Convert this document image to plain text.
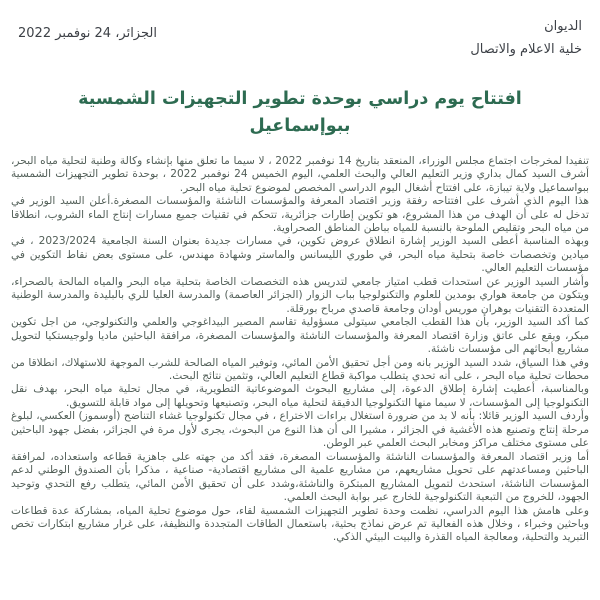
الديوان
خلية الاعلام والاتصال
الجزائر، 24 نوفمبر 2022
افتتاح يوم دراسي بوحدة تطوير التجهيزات الشمسية
ببوإسماعيل

تنفيدا لمخرجات اجتماع مجلس الوزراء، المنعقد بتاريخ 14 نوفمبر 2022 ، لا سيما ما تعلق منها بإنشاء وكالة وطنية لتحلية مياه البحر، أشرف السيد كمال بداري وزير التعليم العالي والبحث العلمي، اليوم الخميس 24 نوفمبر 2022 ، بوحدة تطوير التجهيزات الشمسية ببواسماعيل ولاية تيبازة، على افتتاح أشغال اليوم الدراسي المخصص لموضوع تحلية مياه البحر.

هذا اليوم الذي أشرف على افتتاحه رفقة وزير اقتصاد المعرفة والمؤسسات الناشئة والمؤسسات المصغرة.أعلن السيد الوزير في تدخل له على أن الهدف من هذا المشروع، هو تكوين إطارات جزائرية، تتحكم في تقنيات جميع مسارات إنتاج الماء الشروب، انطلاقا من مياه البحر وتقليص الملوحة بالنسبة للمياه بباطن المناطق الصحراوية.

وبهذه المناسبة أعطى السيد الوزير إشارة انطلاق عروض تكوين، في مسارات جديدة بعنوان السنة الجامعية 2023/2024 ، في ميادين وتخصصات خاصة بتحلية مياه البحر، في طوري الليسانس والماستر وشهادة مهندس، على مستوى بعض نقاط التكوين في مؤسسات التعليم العالي.

وأشار السيد الوزير عن استحدات قطب امتياز جامعي لتدريس هذه التخصصات الخاصة بتحلية مياه البحر والمياه المالحة بالصحراء، ويتكون من جامعة هواري بومدين للعلوم والتكنولوجيا بباب الزوار (الجزائر العاصمة) والمدرسة العليا للري بالبليدة والمدرسة الوطنية المتعددة التقنيات بوهران موريس أودان وجامعة قاصدي مرباح بورقلة.

كما أكد السيد الوزير، بأن هذا القطب الجامعي سيتولى مسؤولية تقاسم المصير البيداغوجي والعلمي والتكنولوجي، من اجل تكوين مبكر، ويقع على عاتق وزارة اقتصاد المعرفة والمؤسسات الناشئة والمؤسسات المصغرة، مرافقة الباحثين ماديا ولوجيستكيا لتحويل مشاريع أبحاثهم الى مؤسسات ناشئة.

وفي هذا السياق، شدد السيد الوزير بانه ومن أجل تحقيق الأمن المائي، وتوفير المياه الصالحة للشرب الموجهة للاستهلاك، انطلاقا من محطات تحلية مياه البحر ، على أنه تحدي يتطلب مواكبة قطاع التعليم العالي، وتثمين نتائج البحث.

وبالمناسبة، أعطيت إشارة إطلاق الدعوة، إلى مشاريع البحوث الموضوعاتية التطويرية، في مجال تحلية مياه البحر، بهدف نقل التكنولوجيا إلى المؤسسات، لا سيما منها التكنولوجيا الدقيقة لتحلية مياه البحر، وتصنيعها وتحويلها إلى مواد قابلة للتسويق.

وأردف السيد الوزير قائلا: بأنه لا بد من ضرورة استغلال براءات الاختراع ، في مجال تكنولوجيا غشاء التناضح (أوسموز) العكسي، لبلوغ مرحلة إنتاج وتصنيع هذه الأغشية في الجزائر ، مشيرا الى أن هذا النوع من البحوث، يجرى لأول مرة في الجزائر، بفضل جهود الباحثين على مستوى مختلف مراكز ومخابر البحث العلمي عبر الوطن.

أما وزير اقتصاد المعرفة والمؤسسات الناشئة والمؤسسات المصغرة، فقد أكد من جهته على جاهزية قطاعه واستعداده، لمرافقة الباحثين ومساعدتهم على تحويل مشاريعهم، من مشاريع علمية الى مشاريع اقتصادية- صناعية ، مذكرا بأن الصندوق الوطني لدعم المؤسسات الناشئة، استحدث لتمويل المشاريع المبتكرة والناشئة،وشدد على أن تحقيق الأمن المائي، يتطلب رفع التحدي وتوحيد الجهود، للخروج من التبعية التكنولوجية للخارج عبر بوابة البحث العلمي.

وعلى هامش هذا اليوم الدراسي، نظمت وحدة تطوير التجهيزات الشمسية لقاء، حول موضوع تحلية المياه، بمشاركة عدة قطاعات وباحثين وخبراء ، وخلال هذه الفعالية تم عرض نماذج بحثية، باستعمال الطاقات المتجددة والنظيفة، على غرار مشاريع ابتكارات تخص التبريد والتحلية، ومعالجة المياه القذرة والبيت البيئي الذكي.
